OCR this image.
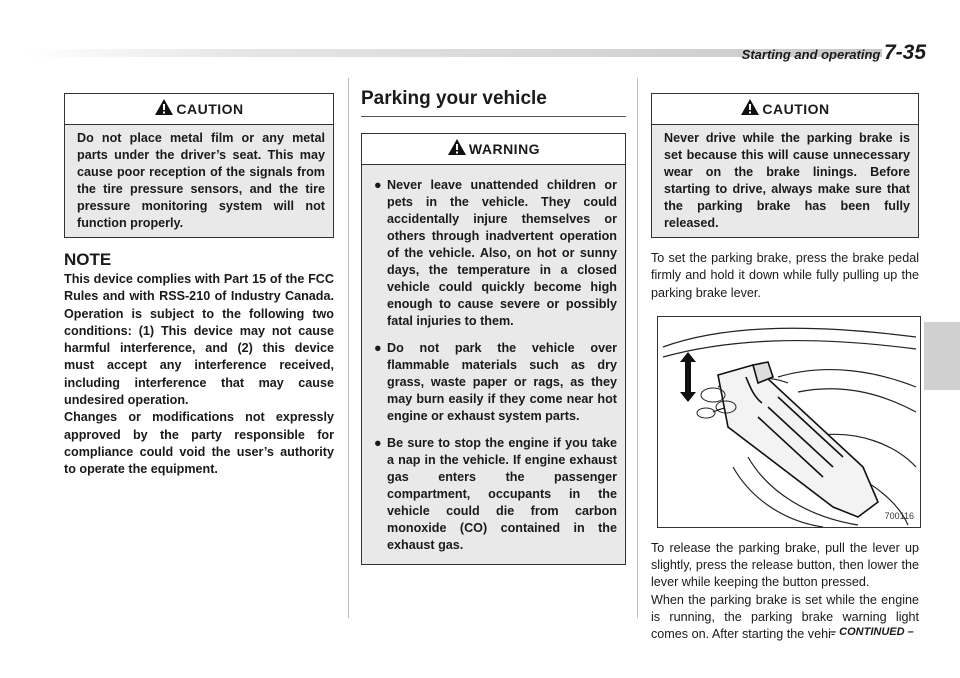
Starting and operating 7-35
CAUTION
Do not place metal film or any metal parts under the driver’s seat. This may cause poor reception of the signals from the tire pressure sensors, and the tire pressure monitoring system will not function properly.
NOTE

This device complies with Part 15 of the FCC Rules and with RSS-210 of Industry Canada. Operation is subject to the following two conditions: (1) This device may not cause harmful interference, and (2) this device must accept any interference received, including interference that may cause undesired operation.

Changes or modifications not expressly approved by the party responsible for compliance could void the user’s authority to operate the equipment.

Parking your vehicle
WARNING
● Never leave unattended children or pets in the vehicle. They could accidentally injure themselves or others through inadvertent operation of the vehicle. Also, on hot or sunny days, the temperature in a closed vehicle could quickly become high enough to cause severe or possibly fatal injuries to them.
● Do not park the vehicle over flammable materials such as dry grass, waste paper or rags, as they may burn easily if they come near hot engine or exhaust system parts.
● Be sure to stop the engine if you take a nap in the vehicle. If engine exhaust gas enters the passenger compartment, occupants in the vehicle could die from carbon monoxide (CO) contained in the exhaust gas.
CAUTION
Never drive while the parking brake is set because this will cause unnecessary wear on the brake linings. Before starting to drive, always make sure that the parking brake has been fully released.

To set the parking brake, press the brake pedal firmly and hold it down while fully pulling up the parking brake lever.

700116

To release the parking brake, pull the lever up slightly, press the release button, then lower the lever while keeping the button pressed.

When the parking brake is set while the engine is running, the parking brake warning light comes on. After starting the vehi-

– CONTINUED –
